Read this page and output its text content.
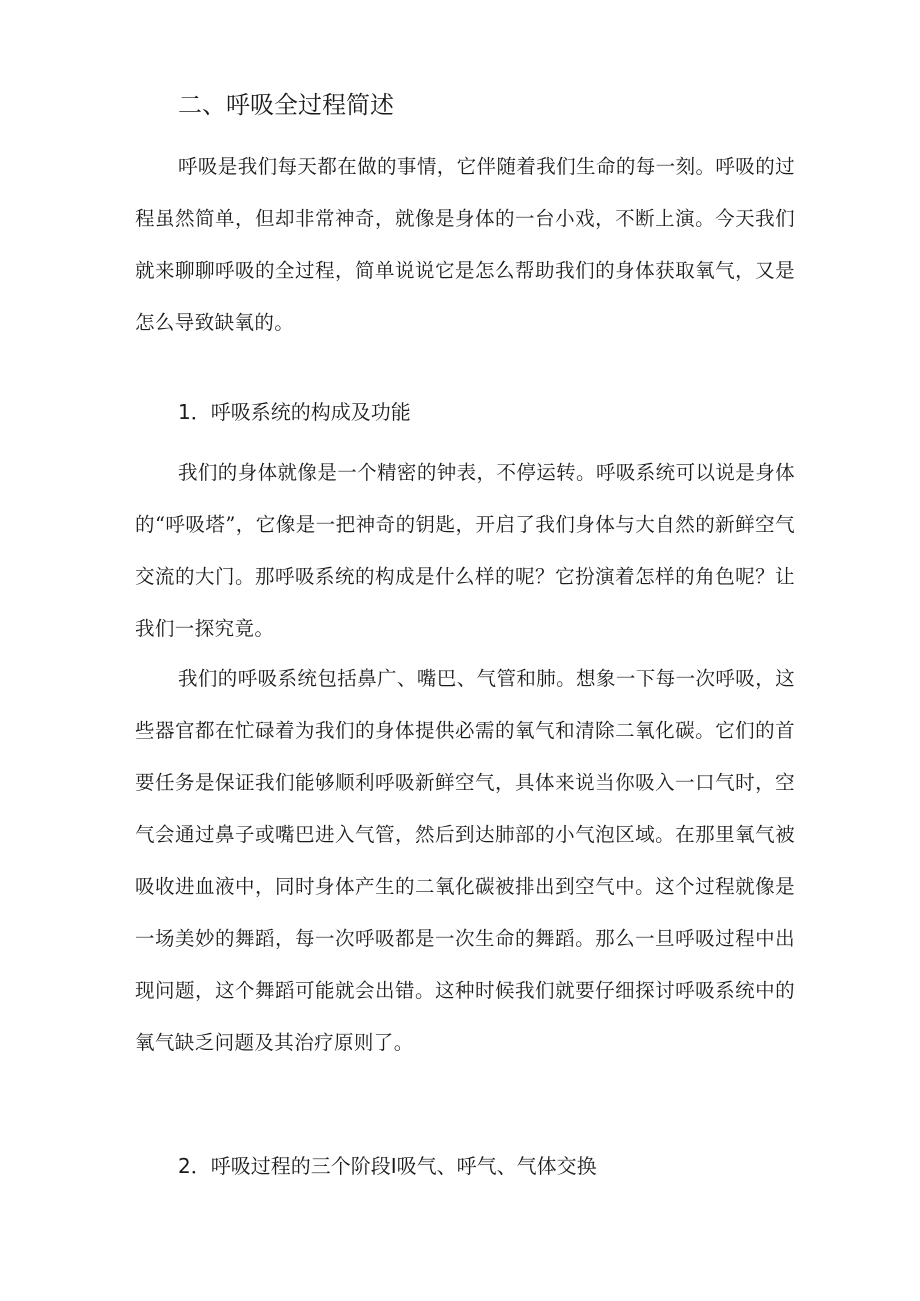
二、呼吸全过程简述

呼吸是我们每天都在做的事情，它伴随着我们生命的每一刻。呼吸的过程虽然简单，但却非常神奇，就像是身体的一台小戏，不断上演。今天我们就来聊聊呼吸的全过程，简单说说它是怎么帮助我们的身体获取氧气，又是怎么导致缺氧的。

1．呼吸系统的构成及功能

我们的身体就像是一个精密的钟表，不停运转。呼吸系统可以说是身体的“呼吸塔”，它像是一把神奇的钥匙，开启了我们身体与大自然的新鲜空气交流的大门。那呼吸系统的构成是什么样的呢？它扮演着怎样的角色呢？让我们一探究竟。

我们的呼吸系统包括鼻广、嘴巴、气管和肺。想象一下每一次呼吸，这些器官都在忙碌着为我们的身体提供必需的氧气和清除二氧化碳。它们的首要任务是保证我们能够顺利呼吸新鲜空气，具体来说当你吸入一口气时，空气会通过鼻子或嘴巴进入气管，然后到达肺部的小气泡区域。在那里氧气被吸收进血液中，同时身体产生的二氧化碳被排出到空气中。这个过程就像是一场美妙的舞蹈，每一次呼吸都是一次生命的舞蹈。那么一旦呼吸过程中出现问题，这个舞蹈可能就会出错。这种时候我们就要仔细探讨呼吸系统中的氧气缺乏问题及其治疗原则了。

2．呼吸过程的三个阶段I吸气、呼气、气体交换
